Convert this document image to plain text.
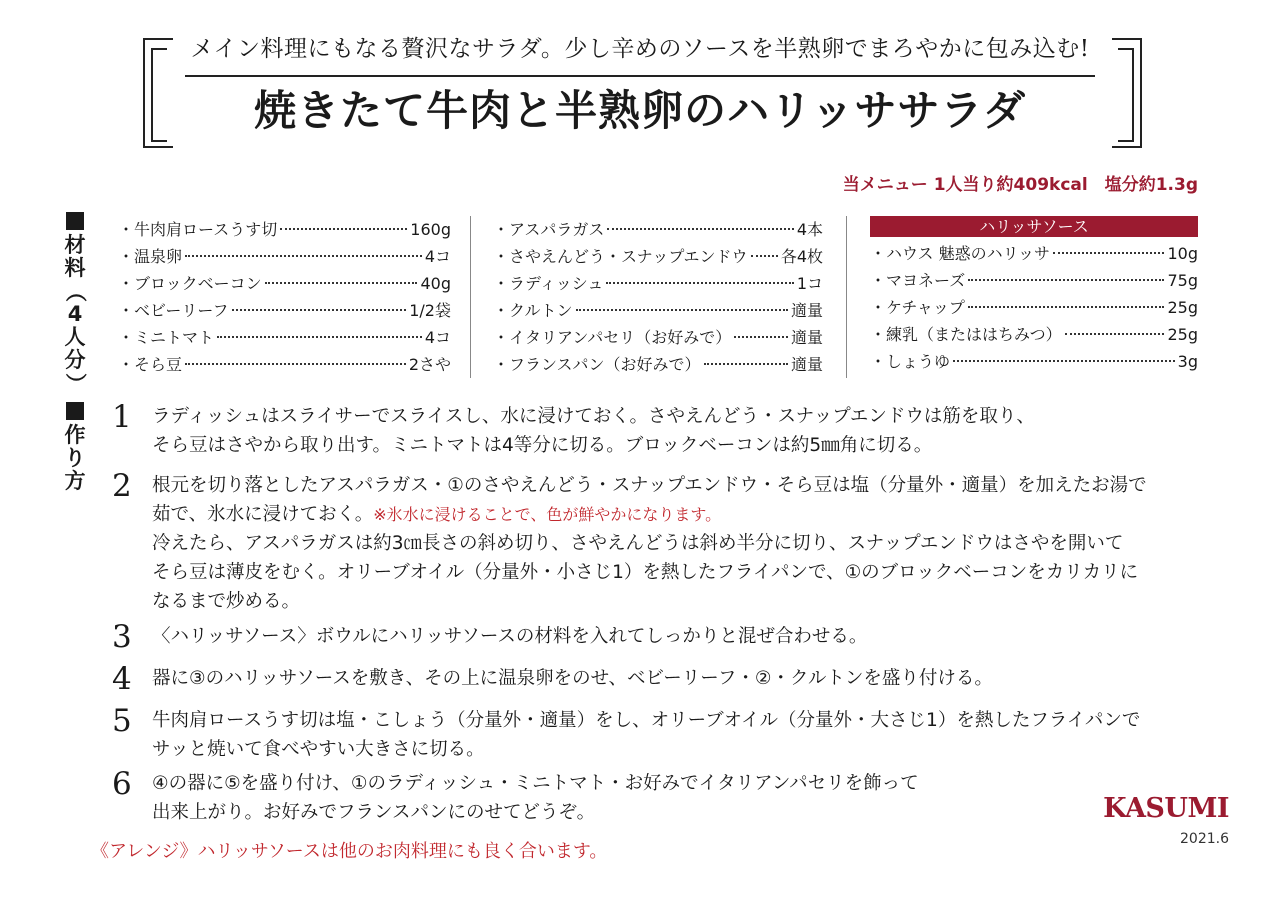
メイン料理にもなる贅沢なサラダ。少し辛めのソースを半熟卵でまろやかに包み込む!
焼きたて牛肉と半熟卵のハリッササラダ
当メニュー 1人当り約409kcal　塩分約1.3g
材
料
（
4
人
分
）
作
り
方
・牛肉肩ロースうす切	160g
・温泉卵	4コ
・ブロックベーコン	40g
・ベビーリーフ	1/2袋
・ミニトマト	4コ
・そら豆	2さや
・アスパラガス	4本
・さやえんどう・スナップエンドウ 各4枚
・ラディッシュ	1コ
・クルトン	適量
・イタリアンパセリ（お好みで）	適量
・フランスパン（お好みで）	適量
ハリッサソース
・ハウス 魅惑のハリッサ	10g
・マヨネーズ	75g
・ケチャップ	25g
・練乳（またははちみつ）	25g
・しょうゆ	3g
1 ラディッシュはスライサーでスライスし、水に浸けておく。さやえんどう・スナップエンドウは筋を取り、
そら豆はさやから取り出す。ミニトマトは4等分に切る。ブロックベーコンは約5㎜角に切る。
2 根元を切り落としたアスパラガス・①のさやえんどう・スナップエンドウ・そら豆は塩（分量外・適量）を加えたお湯で
茹で、氷水に浸けておく。※氷水に浸けることで、色が鮮やかになります。
冷えたら、アスパラガスは約3㎝長さの斜め切り、さやえんどうは斜め半分に切り、スナップエンドウはさやを開いて
そら豆は薄皮をむく。オリーブオイル（分量外・小さじ1）を熱したフライパンで、①のブロックベーコンをカリカリに
なるまで炒める。
3 〈ハリッサソース〉ボウルにハリッサソースの材料を入れてしっかりと混ぜ合わせる。
4 器に③のハリッサソースを敷き、その上に温泉卵をのせ、ベビーリーフ・②・クルトンを盛り付ける。
5 牛肉肩ロースうす切は塩・こしょう（分量外・適量）をし、オリーブオイル（分量外・大さじ1）を熱したフライパンで
サッと焼いて食べやすい大きさに切る。
6 ④の器に⑤を盛り付け、①のラディッシュ・ミニトマト・お好みでイタリアンパセリを飾って
出来上がり。お好みでフランスパンにのせてどうぞ。
《アレンジ》ハリッサソースは他のお肉料理にも良く合います。
KASUMI
2021.6
